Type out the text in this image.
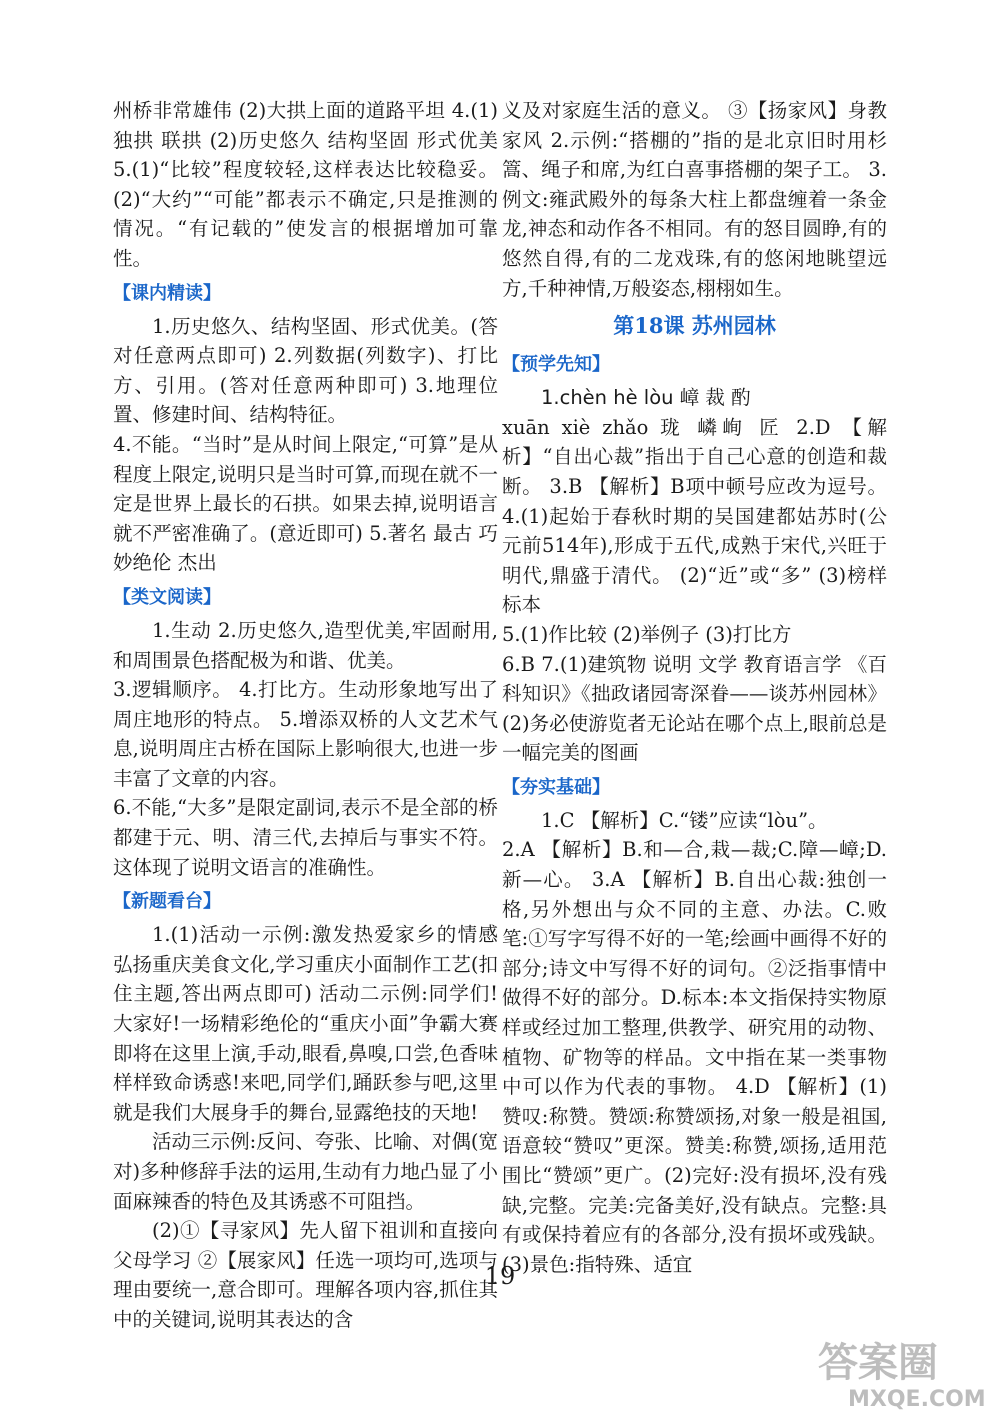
州桥非常雄伟 (2)大拱上面的道路平坦 4.(1)独拱 联拱 (2)历史悠久 结构坚固 形式优美 5.(1)“比较”程度较轻,这样表达比较稳妥。 (2)“大约”“可能”都表示不确定,只是推测的情况。“有记载的”使发言的根据增加可靠性。

【课内精读】

1.历史悠久、结构坚固、形式优美。(答对任意两点即可) 2.列数据(列数字)、打比方、引用。(答对任意两种即可) 3.地理位置、修建时间、结构特征。

4.不能。“当时”是从时间上限定,“可算”是从程度上限定,说明只是当时可算,而现在就不一定是世界上最长的石拱。如果去掉,说明语言就不严密准确了。(意近即可) 5.著名 最古 巧妙绝伦 杰出

【类文阅读】

1.生动 2.历史悠久,造型优美,牢固耐用,和周围景色搭配极为和谐、优美。

3.逻辑顺序。 4.打比方。生动形象地写出了周庄地形的特点。 5.增添双桥的人文艺术气息,说明周庄古桥在国际上影响很大,也进一步丰富了文章的内容。

6.不能,“大多”是限定副词,表示不是全部的桥都建于元、明、清三代,去掉后与事实不符。这体现了说明文语言的准确性。

【新题看台】

1.(1)活动一示例:激发热爱家乡的情感 弘扬重庆美食文化,学习重庆小面制作工艺(扣住主题,答出两点即可) 活动二示例:同学们!大家好!一场精彩绝伦的“重庆小面”争霸大赛即将在这里上演,手动,眼看,鼻嗅,口尝,色香味样样致命诱惑!来吧,同学们,踊跃参与吧,这里就是我们大展身手的舞台,显露绝技的天地!

活动三示例:反问、夸张、比喻、对偶(宽对)多种修辞手法的运用,生动有力地凸显了小面麻辣香的特色及其诱惑不可阻挡。

(2)①【寻家风】先人留下祖训和直接向父母学习 ②【展家风】任选一项均可,选项与理由要统一,意合即可。理解各项内容,抓住其中的关键词,说明其表达的含

义及对家庭生活的意义。 ③【扬家风】身教 家风 2.示例:“搭棚的”指的是北京旧时用杉篙、绳子和席,为红白喜事搭棚的架子工。 3.例文:雍武殿外的每条大柱上都盘缠着一条金龙,神态和动作各不相同。有的怒目圆睁,有的悠然自得,有的二龙戏珠,有的悠闲地眺望远方,千种神情,万般姿态,栩栩如生。

第18课 苏州园林
【预学先知】

1.chèn hè lòu 嶂 裁 酌

xuān xiè zhǎo 珑 嶙峋 匠 2.D 【解析】“自出心裁”指出于自己心意的创造和裁断。 3.B 【解析】B项中顿号应改为逗号。 4.(1)起始于春秋时期的吴国建都姑苏时(公元前514年),形成于五代,成熟于宋代,兴旺于明代,鼎盛于清代。 (2)“近”或“多” (3)榜样 标本

5.(1)作比较 (2)举例子 (3)打比方

6.B 7.(1)建筑物 说明 文学 教育语言学 《百科知识》《拙政诸园寄深眷——谈苏州园林》 (2)务必使游览者无论站在哪个点上,眼前总是一幅完美的图画

【夯实基础】

1.C 【解析】C.“镂”应读“lòu”。

2.A 【解析】B.和—合,栽—裁;C.障—嶂;D.新—心。 3.A 【解析】B.自出心裁:独创一格,另外想出与众不同的主意、办法。C.败笔:①写字写得不好的一笔;绘画中画得不好的部分;诗文中写得不好的词句。②泛指事情中做得不好的部分。D.标本:本文指保持实物原样或经过加工整理,供教学、研究用的动物、植物、矿物等的样品。文中指在某一类事物中可以作为代表的事物。 4.D 【解析】(1)赞叹:称赞。赞颂:称赞颂扬,对象一般是祖国,语意较“赞叹”更深。赞美:称赞,颂扬,适用范围比“赞颂”更广。(2)完好:没有损坏,没有残缺,完整。完美:完备美好,没有缺点。完整:具有或保持着应有的各部分,没有损坏或残缺。(3)景色:指特殊、适宜

19
答案圈
MXQE.COM
